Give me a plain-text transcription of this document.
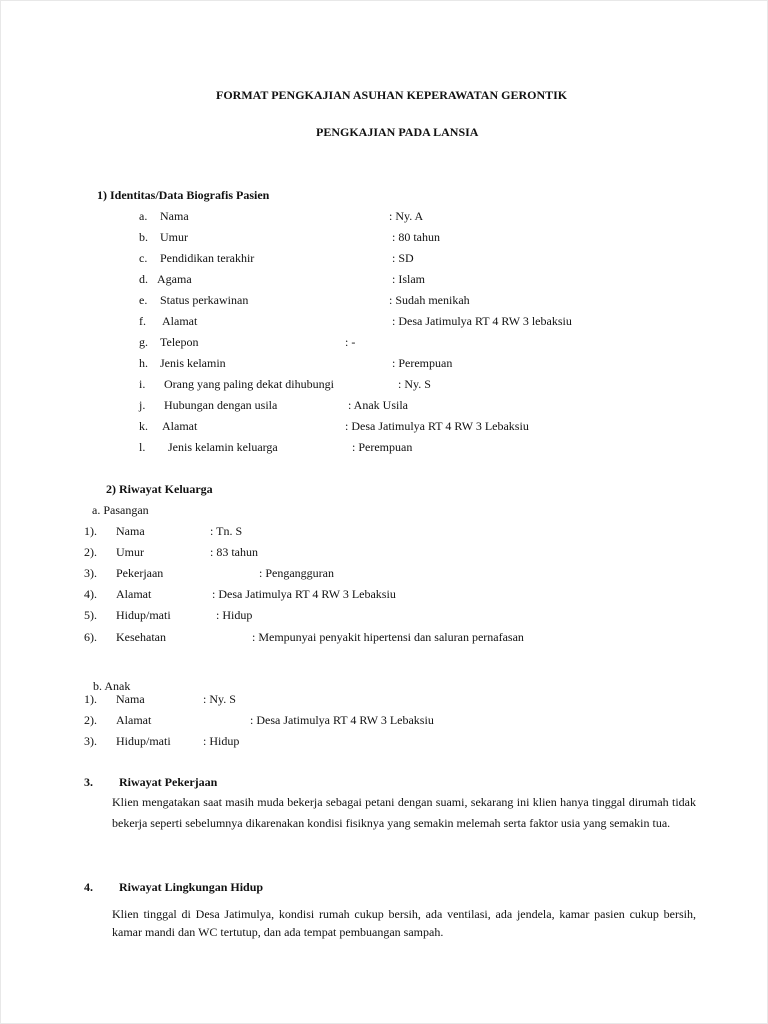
FORMAT PENGKAJIAN ASUHAN KEPERAWATAN GERONTIK
PENGKAJIAN PADA LANSIA
1) Identitas/Data Biografis Pasien
a. Nama	: Ny. A
b. Umur	: 80 tahun
c. Pendidikan terakhir	: SD
d. Agama	: Islam
e. Status perkawinan	: Sudah menikah
f. Alamat	: Desa Jatimulya RT 4 RW 3 lebaksiu
g. Telepon	: -
h. Jenis kelamin	: Perempuan
i. Orang yang paling dekat dihubungi	: Ny. S
j. Hubungan dengan usila	: Anak Usila
k. Alamat	: Desa Jatimulya RT 4 RW 3 Lebaksiu
l. Jenis kelamin keluarga	: Perempuan
2) Riwayat Keluarga
a. Pasangan
1). Nama	: Tn. S
2). Umur	: 83 tahun
3). Pekerjaan	: Pengangguran
4). Alamat	: Desa Jatimulya RT 4 RW 3 Lebaksiu
5). Hidup/mati	: Hidup
6). Kesehatan	: Mempunyai penyakit hipertensi dan saluran pernafasan
b. Anak
1). Nama	: Ny. S
2). Alamat	: Desa Jatimulya RT 4 RW 3 Lebaksiu
3). Hidup/mati	: Hidup
3. Riwayat Pekerjaan
Klien mengatakan saat masih muda bekerja sebagai petani dengan suami, sekarang ini klien hanya tinggal dirumah tidak bekerja seperti sebelumnya dikarenakan kondisi fisiknya yang semakin melemah serta faktor usia yang semakin tua.
4. Riwayat Lingkungan Hidup
Klien tinggal di Desa Jatimulya, kondisi rumah cukup bersih, ada ventilasi, ada jendela, kamar pasien cukup bersih, kamar mandi dan WC tertutup, dan ada tempat pembuangan sampah.
